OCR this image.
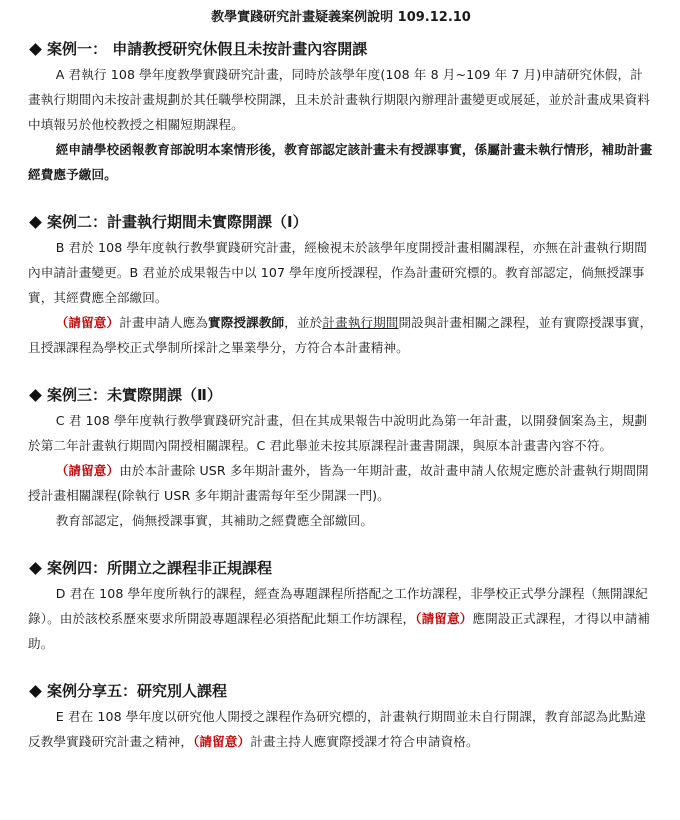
教學實踐研究計畫疑義案例說明 109.12.10
案例一： 申請教授研究休假且未按計畫內容開課

A 君執行 108 學年度教學實踐研究計畫，同時於該學年度(108 年 8 月~109 年 7 月)申請研究休假，計畫執行期間內未按計畫規劃於其任職學校開課，且未於計畫執行期限內辦理計畫變更或展延，並於計畫成果資料中填報另於他校教授之相關短期課程。

經申請學校函報教育部說明本案情形後，教育部認定該計畫未有授課事實，係屬計畫未執行情形，補助計畫經費應予繳回。

案例二：計畫執行期間未實際開課（Ⅰ）

B 君於 108 學年度執行教學實踐研究計畫，經檢視未於該學年度開授計畫相關課程，亦無在計畫執行期間內申請計畫變更。B 君並於成果報告中以 107 學年度所授課程，作為計畫研究標的。教育部認定，倘無授課事實，其經費應全部繳回。

（請留意）計畫申請人應為實際授課教師，並於計畫執行期間開設與計畫相關之課程，並有實際授課事實，且授課課程為學校正式學制所採計之畢業學分，方符合本計畫精神。

案例三：未實際開課（Ⅱ）

C 君 108 學年度執行教學實踐研究計畫，但在其成果報告中說明此為第一年計畫，以開發個案為主，規劃於第二年計畫執行期間內開授相關課程。C 君此舉並未按其原課程計畫書開課，與原本計畫書內容不符。

（請留意）由於本計畫除 USR 多年期計畫外，皆為一年期計畫，故計畫申請人依規定應於計畫執行期間開授計畫相關課程(除執行 USR 多年期計畫需每年至少開課一門)。

教育部認定，倘無授課事實，其補助之經費應全部繳回。

案例四：所開立之課程非正規課程

D 君在 108 學年度所執行的課程，經查為專題課程所搭配之工作坊課程，非學校正式學分課程（無開課紀錄）。由於該校系歷來要求所開設專題課程必須搭配此類工作坊課程，（請留意）應開設正式課程，才得以申請補助。

案例分享五：研究別人課程

E 君在 108 學年度以研究他人開授之課程作為研究標的，計畫執行期間並未自行開課，教育部認為此點違反教學實踐研究計畫之精神，（請留意）計畫主持人應實際授課才符合申請資格。
